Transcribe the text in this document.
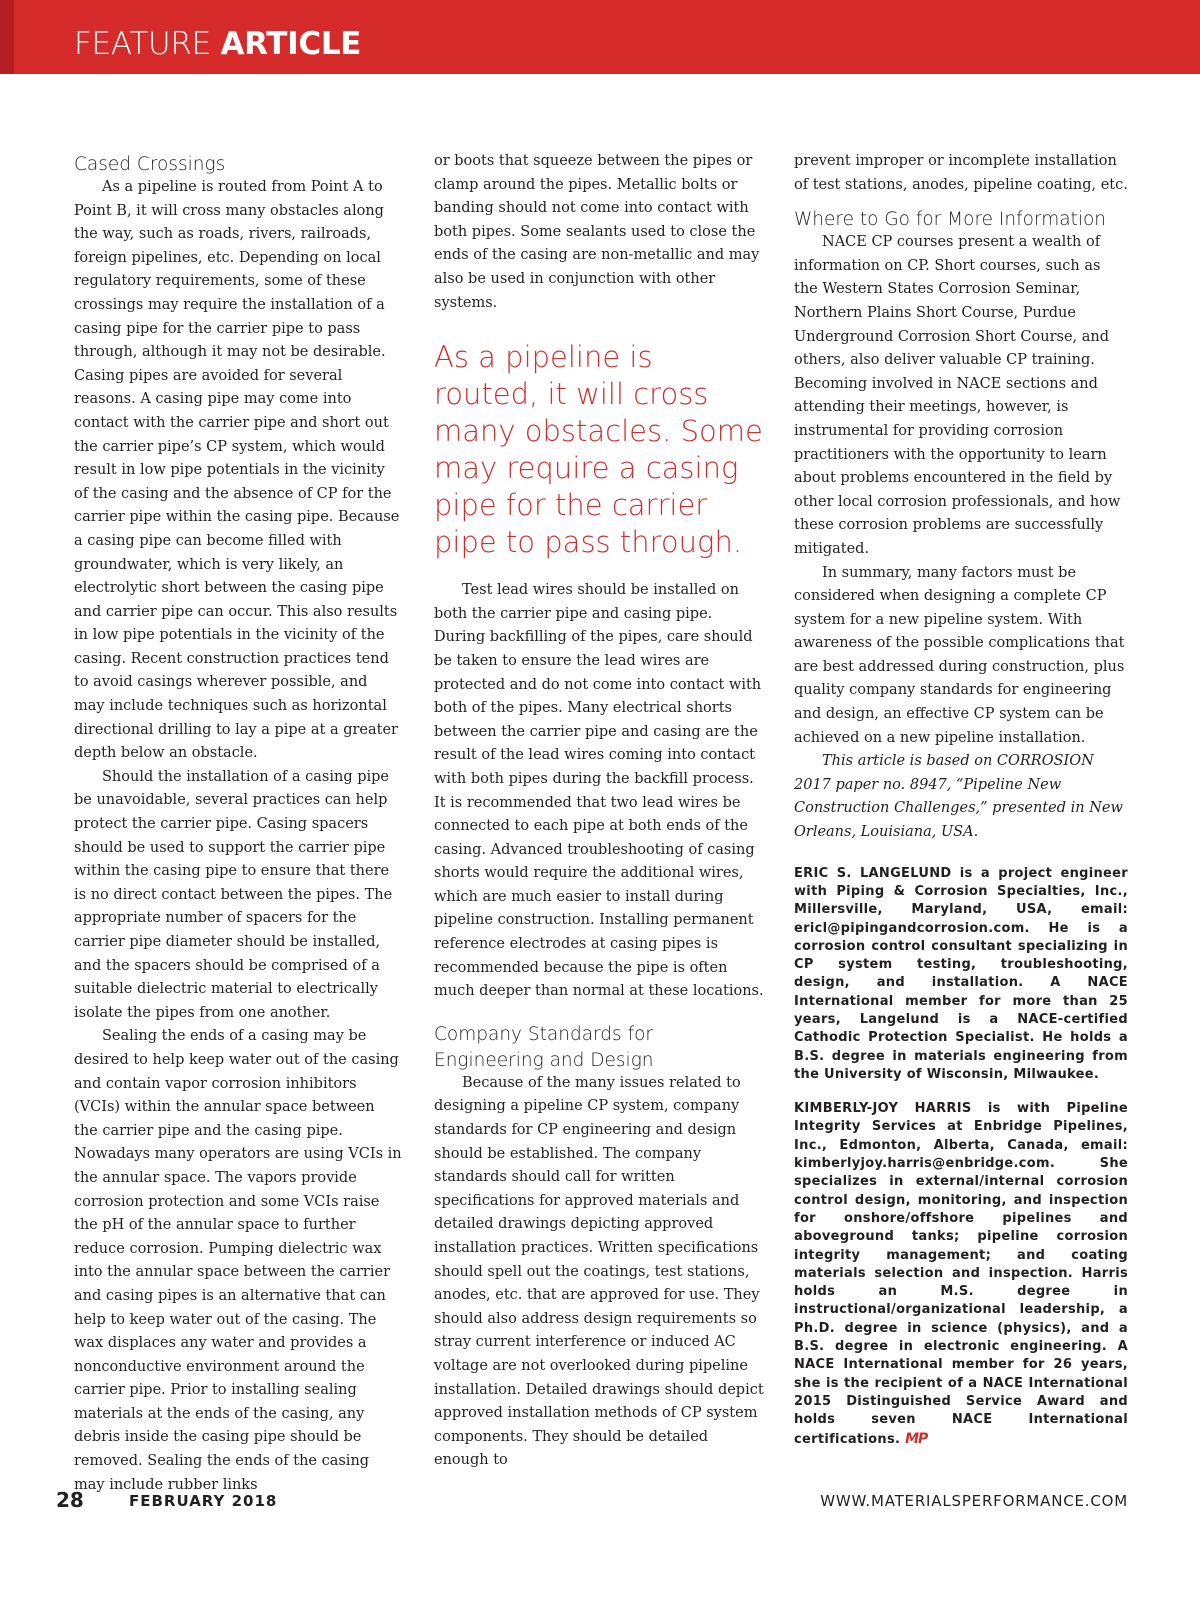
FEATURE ARTICLE
Cased Crossings

As a pipeline is routed from Point A to Point B, it will cross many obstacles along the way, such as roads, rivers, railroads, foreign pipelines, etc. Depending on local regulatory requirements, some of these crossings may require the installation of a casing pipe for the carrier pipe to pass through, although it may not be desirable. Casing pipes are avoided for several reasons. A casing pipe may come into contact with the carrier pipe and short out the carrier pipe’s CP system, which would result in low pipe potentials in the vicinity of the casing and the absence of CP for the carrier pipe within the casing pipe. Because a casing pipe can become filled with groundwater, which is very likely, an electrolytic short between the casing pipe and carrier pipe can occur. This also results in low pipe potentials in the vicinity of the casing. Recent construction practices tend to avoid casings wherever possible, and may include techniques such as horizontal directional drilling to lay a pipe at a greater depth below an obstacle.

Should the installation of a casing pipe be unavoidable, several practices can help protect the carrier pipe. Casing spacers should be used to support the carrier pipe within the casing pipe to ensure that there is no direct contact between the pipes. The appropriate number of spacers for the carrier pipe diameter should be installed, and the spacers should be comprised of a suitable dielectric material to electrically isolate the pipes from one another.

Sealing the ends of a casing may be desired to help keep water out of the casing and contain vapor corrosion inhibitors (VCIs) within the annular space between the carrier pipe and the casing pipe. Nowadays many operators are using VCIs in the annular space. The vapors provide corrosion protection and some VCIs raise the pH of the annular space to further reduce corrosion. Pumping dielectric wax into the annular space between the carrier and casing pipes is an alternative that can help to keep water out of the casing. The wax displaces any water and provides a nonconductive environment around the carrier pipe. Prior to installing sealing materials at the ends of the casing, any debris inside the casing pipe should be removed. Sealing the ends of the casing may include rubber links

or boots that squeeze between the pipes or clamp around the pipes. Metallic bolts or banding should not come into contact with both pipes. Some sealants used to close the ends of the casing are non-metallic and may also be used in conjunction with other systems.

As a pipeline is routed, it will cross many obstacles. Some may require a casing pipe for the carrier pipe to pass through.

Test lead wires should be installed on both the carrier pipe and casing pipe. During backfilling of the pipes, care should be taken to ensure the lead wires are protected and do not come into contact with both of the pipes. Many electrical shorts between the carrier pipe and casing are the result of the lead wires coming into contact with both pipes during the backfill process. It is recommended that two lead wires be connected to each pipe at both ends of the casing. Advanced troubleshooting of casing shorts would require the additional wires, which are much easier to install during pipeline construction. Installing permanent reference electrodes at casing pipes is recommended because the pipe is often much deeper than normal at these locations.

Company Standards for Engineering and Design

Because of the many issues related to designing a pipeline CP system, company standards for CP engineering and design should be established. The company standards should call for written specifications for approved materials and detailed drawings depicting approved installation practices. Written specifications should spell out the coatings, test stations, anodes, etc. that are approved for use. They should also address design requirements so stray current interference or induced AC voltage are not overlooked during pipeline installation. Detailed drawings should depict approved installation methods of CP system components. They should be detailed enough to

prevent improper or incomplete installation of test stations, anodes, pipeline coating, etc.

Where to Go for More Information

NACE CP courses present a wealth of information on CP. Short courses, such as the Western States Corrosion Seminar, Northern Plains Short Course, Purdue Underground Corrosion Short Course, and others, also deliver valuable CP training. Becoming involved in NACE sections and attending their meetings, however, is instrumental for providing corrosion practitioners with the opportunity to learn about problems encountered in the field by other local corrosion professionals, and how these corrosion problems are successfully mitigated.

In summary, many factors must be considered when designing a complete CP system for a new pipeline system. With awareness of the possible complications that are best addressed during construction, plus quality company standards for engineering and design, an effective CP system can be achieved on a new pipeline installation.

This article is based on CORROSION 2017 paper no. 8947, “Pipeline New Construction Challenges,” presented in New Orleans, Louisiana, USA.

ERIC S. LANGELUND is a project engineer with Piping & Corrosion Specialties, Inc., Millersville, Maryland, USA, email: ericl@pipingandcorrosion.com. He is a corrosion control consultant specializing in CP system testing, troubleshooting, design, and installation. A NACE International member for more than 25 years, Langelund is a NACE-certified Cathodic Protection Specialist. He holds a B.S. degree in materials engineering from the University of Wisconsin, Milwaukee.

KIMBERLY-JOY HARRIS is with Pipeline Integrity Services at Enbridge Pipelines, Inc., Edmonton, Alberta, Canada, email: kimberlyjoy.harris@enbridge.com. She specializes in external/internal corrosion control design, monitoring, and inspection for onshore/offshore pipelines and aboveground tanks; pipeline corrosion integrity management; and coating materials selection and inspection. Harris holds an M.S. degree in instructional/organizational leadership, a Ph.D. degree in science (physics), and a B.S. degree in electronic engineering. A NACE International member for 26 years, she is the recipient of a NACE International 2015 Distinguished Service Award and holds seven NACE International certifications. MP

28	FEBRUARY 2018	WWW.MATERIALSPERFORMANCE.COM
